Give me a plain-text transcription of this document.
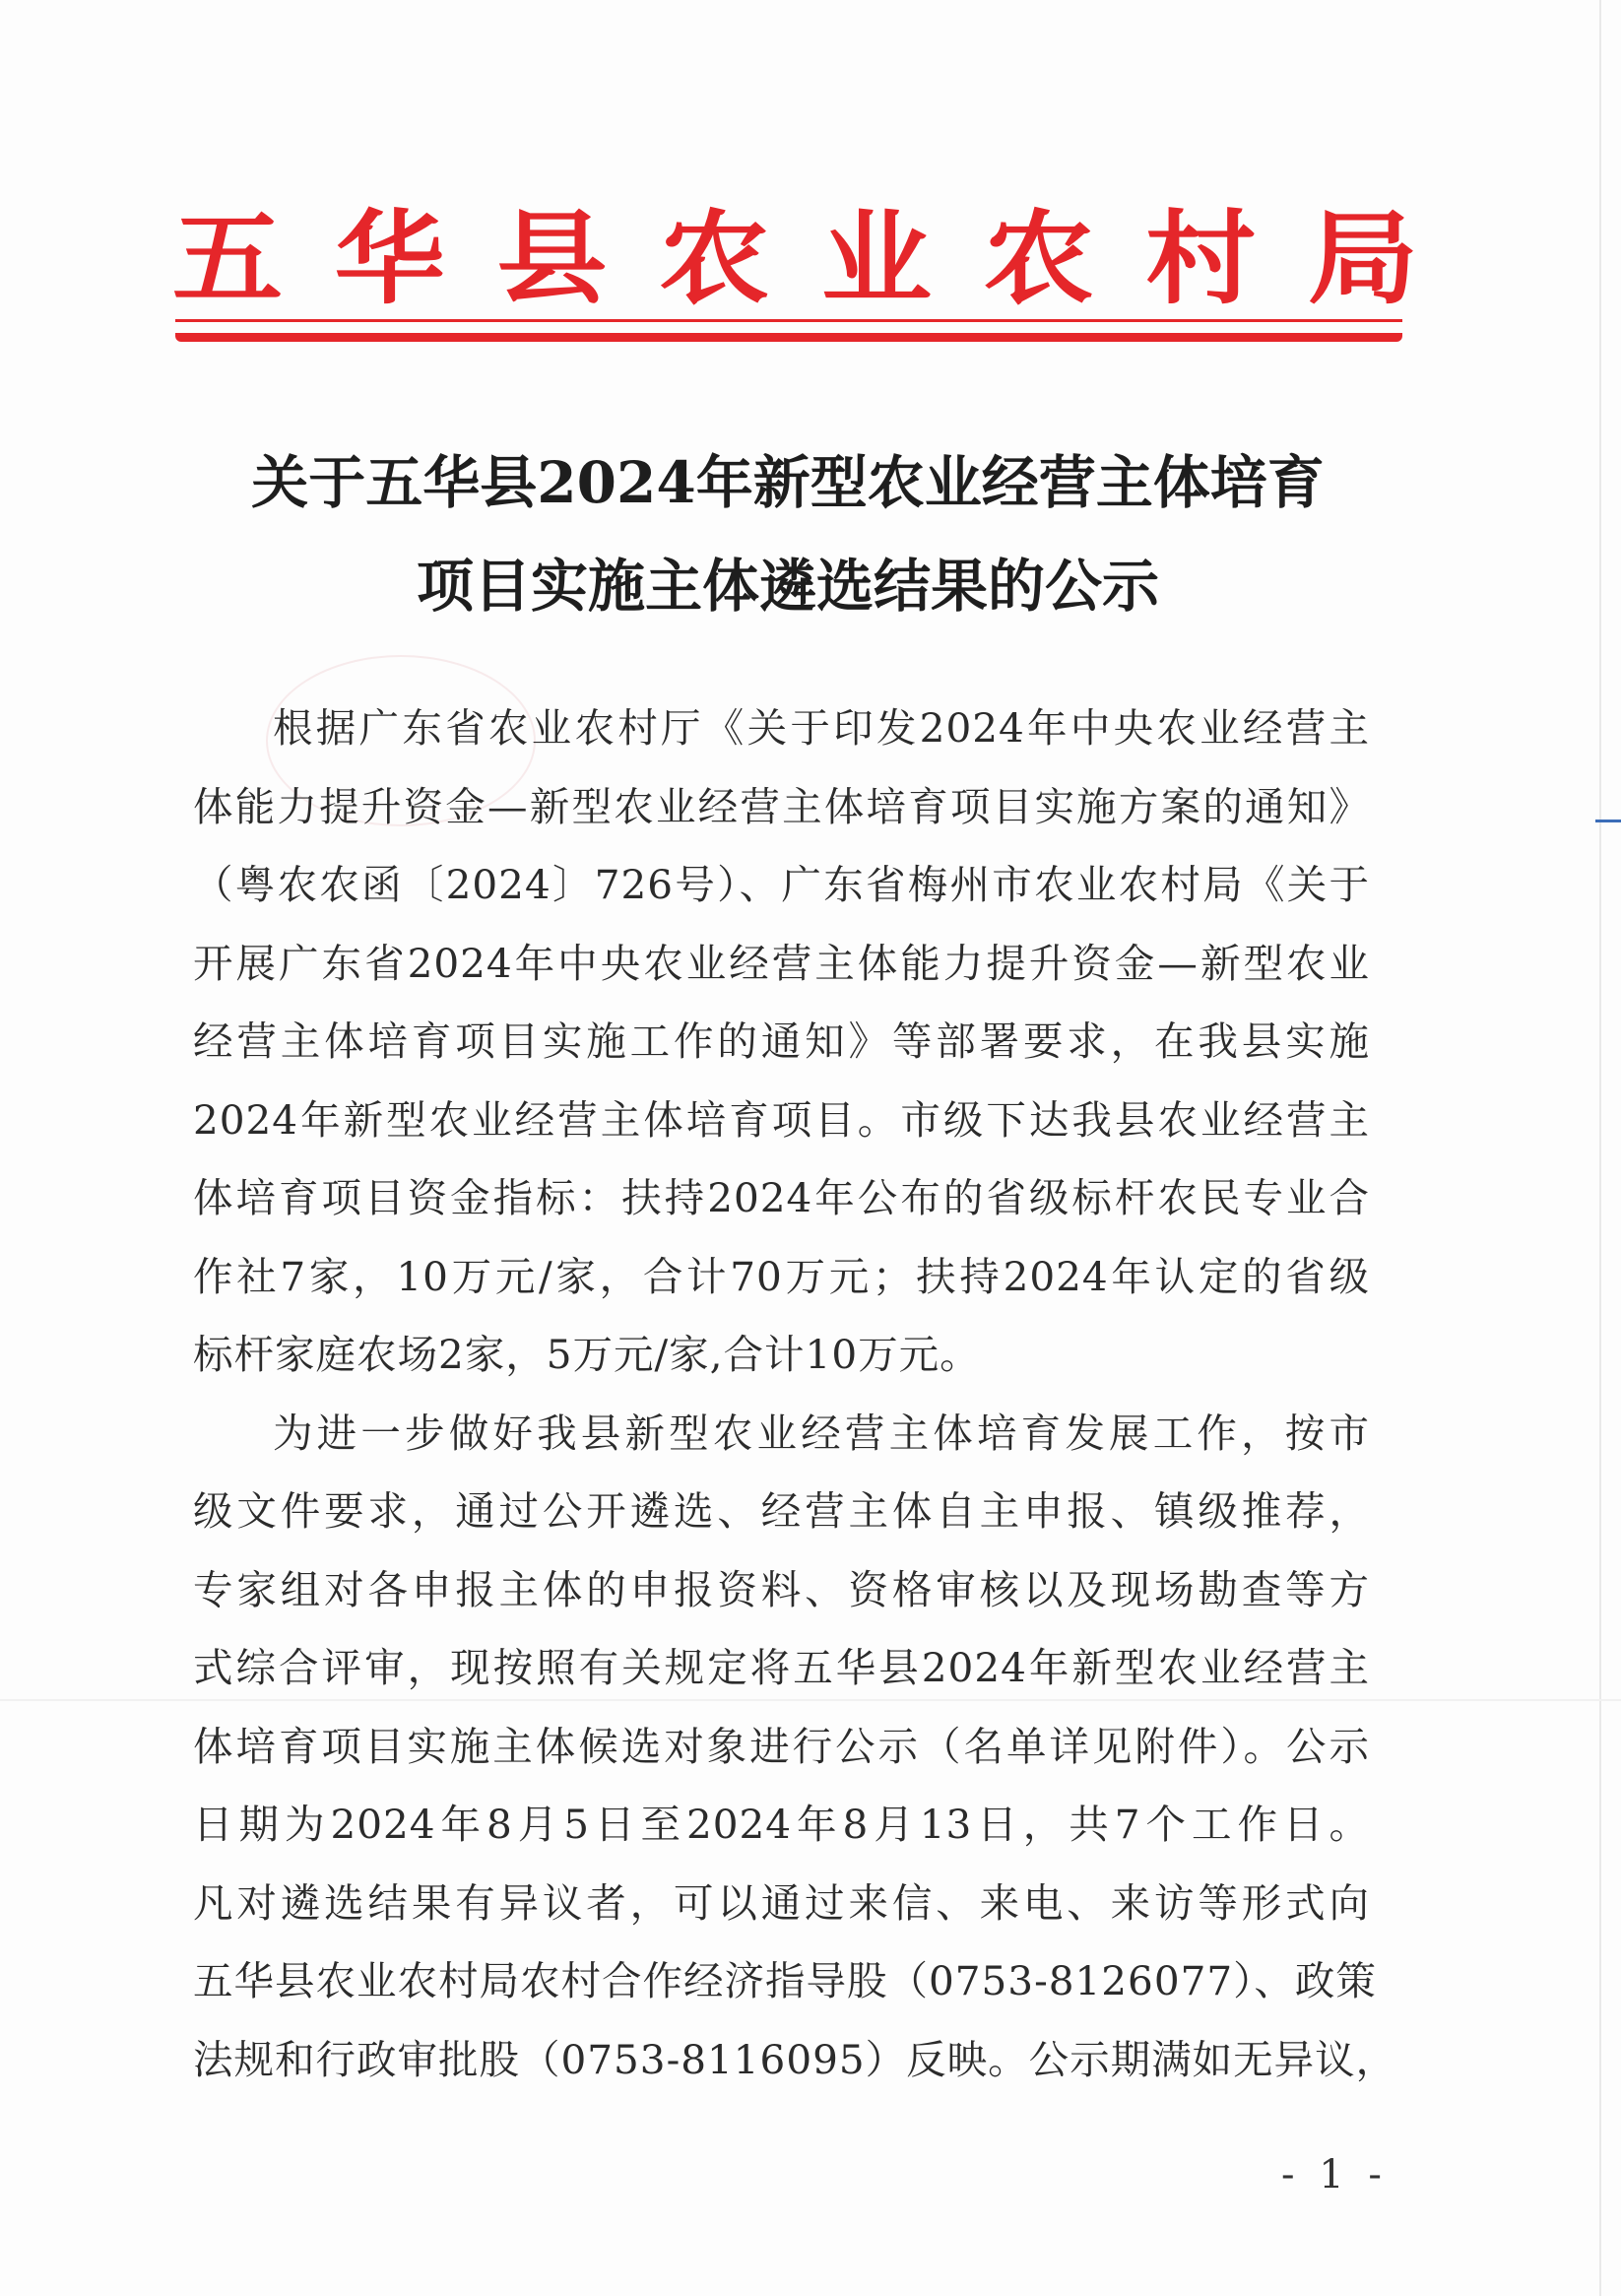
五 华 县 农 业 农 村 局
关于五华县2024年新型农业经营主体培育
项目实施主体遴选结果的公示
根据广东省农业农村厅《关于印发2024年中央农业经营主
体能力提升资金—新型农业经营主体培育项目实施方案的通知》
（粤农农函〔2024〕726号）、广东省梅州市农业农村局《关于
开展广东省2024年中央农业经营主体能力提升资金—新型农业
经营主体培育项目实施工作的通知》等部署要求，在我县实施
2024年新型农业经营主体培育项目。市级下达我县农业经营主
体培育项目资金指标：扶持2024年公布的省级标杆农民专业合
作社7家，10万元/家，合计70万元；扶持2024年认定的省级
标杆家庭农场2家，5万元/家,合计10万元。
为进一步做好我县新型农业经营主体培育发展工作，按市
级文件要求，通过公开遴选、经营主体自主申报、镇级推荐，
专家组对各申报主体的申报资料、资格审核以及现场勘查等方
式综合评审，现按照有关规定将五华县2024年新型农业经营主
体培育项目实施主体候选对象进行公示（名单详见附件）。公示
日期为2024年8月5日至2024年8月13日，共7个工作日。
凡对遴选结果有异议者，可以通过来信、来电、来访等形式向
五华县农业农村局农村合作经济指导股（0753-8126077）、政策
法规和行政审批股（0753-8116095）反映。公示期满如无异议，
- 1 -
